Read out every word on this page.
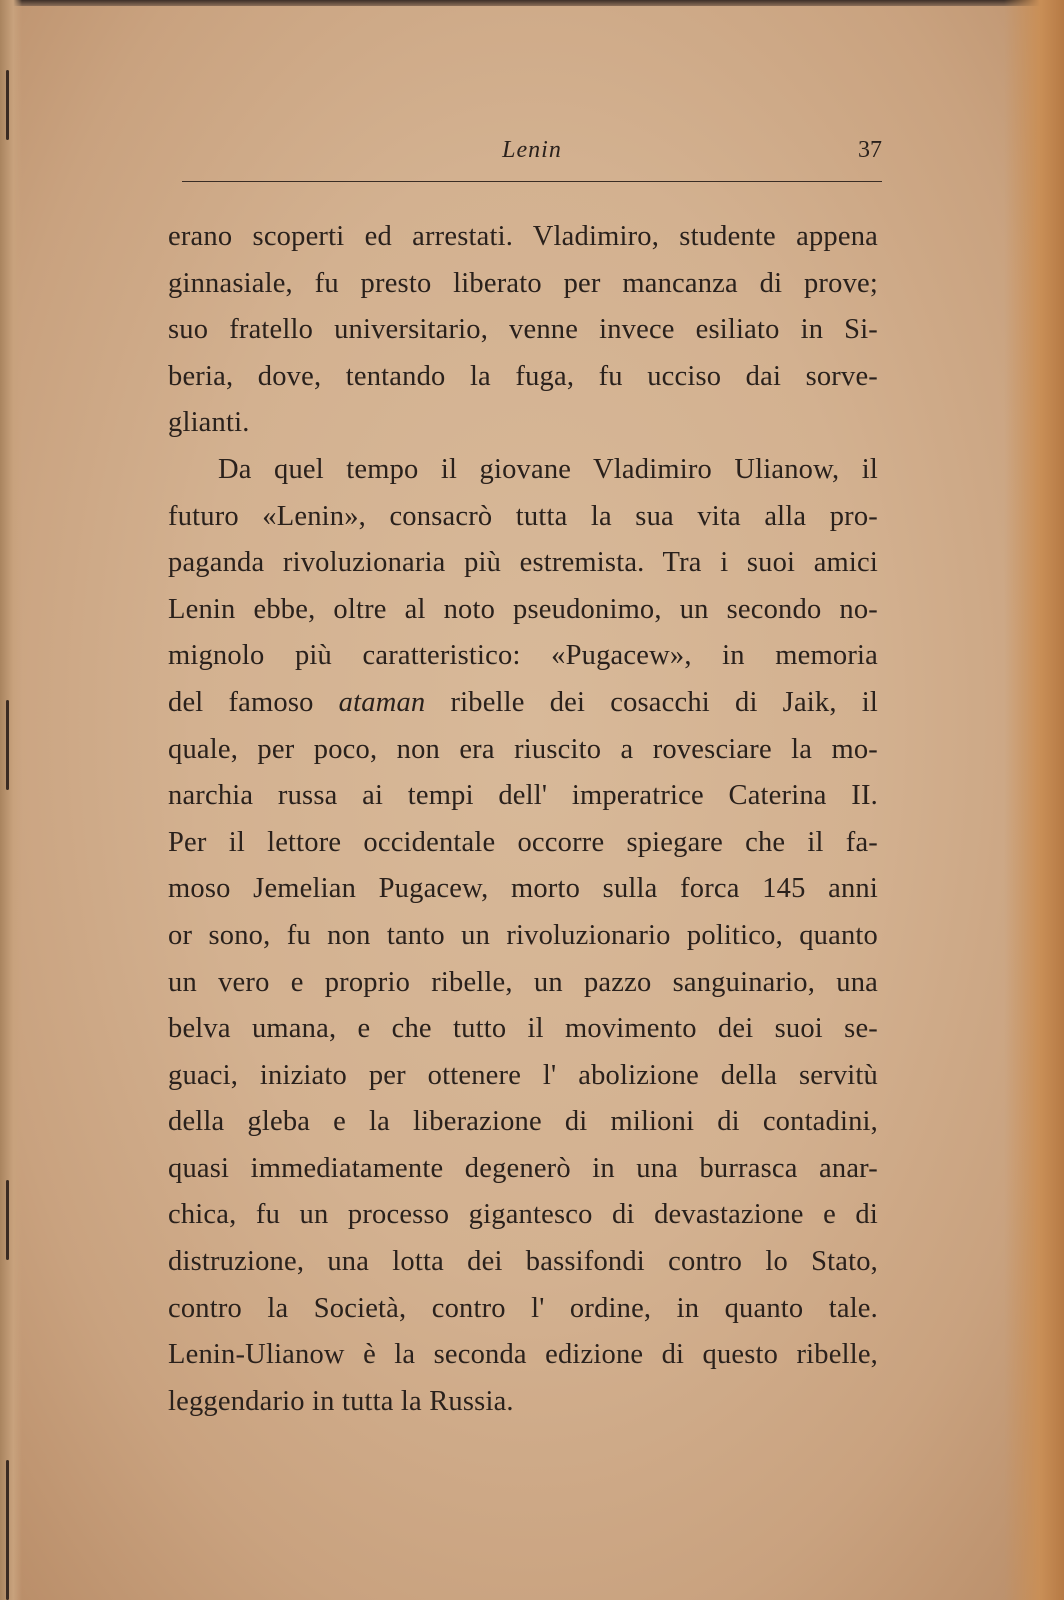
Lenin	37
erano scoperti ed arrestati. Vladimiro, studente appena
ginnasiale, fu presto liberato per mancanza di prove;
suo fratello universitario, venne invece esiliato in Si-
beria, dove, tentando la fuga, fu ucciso dai sorve-
glianti.
Da quel tempo il giovane Vladimiro Ulianow, il
futuro «Lenin», consacrò tutta la sua vita alla pro-
paganda rivoluzionaria più estremista. Tra i suoi amici
Lenin ebbe, oltre al noto pseudonimo, un secondo no-
mignolo più caratteristico: «Pugacew», in memoria
del famoso ataman ribelle dei cosacchi di Jaik, il
quale, per poco, non era riuscito a rovesciare la mo-
narchia russa ai tempi dell' imperatrice Caterina II.
Per il lettore occidentale occorre spiegare che il fa-
moso Jemelian Pugacew, morto sulla forca 145 anni
or sono, fu non tanto un rivoluzionario politico, quanto
un vero e proprio ribelle, un pazzo sanguinario, una
belva umana, e che tutto il movimento dei suoi se-
guaci, iniziato per ottenere l' abolizione della servitù
della gleba e la liberazione di milioni di contadini,
quasi immediatamente degenerò in una burrasca anar-
chica, fu un processo gigantesco di devastazione e di
distruzione, una lotta dei bassifondi contro lo Stato,
contro la Società, contro l' ordine, in quanto tale.
Lenin-Ulianow è la seconda edizione di questo ribelle,
leggendario in tutta la Russia.
